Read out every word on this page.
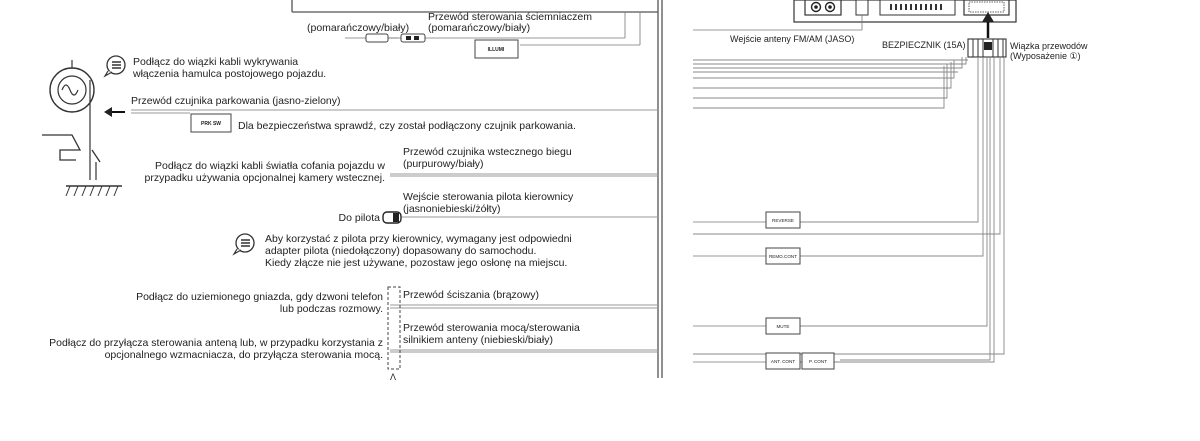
Przewód sterowania ściemniaczem
(pomarańczowy/biały)
(pomarańczowy/biały)
ILLUMI
Podłącz do wiązki kabli wykrywania
włączenia hamulca postojowego pojazdu.
Przewód czujnika parkowania (jasno-zielony)
PRK SW Dla bezpieczeństwa sprawdź, czy został podłączony czujnik parkowania.
Podłącz do wiązki kabli światła cofania pojazdu w
przypadku używania opcjonalnej kamery wstecznej.
Przewód czujnika wstecznego biegu
(purpurowy/biały)
Wejście sterowania pilota kierownicy
(jasnoniebieski/żółty)
Do pilota
Aby korzystać z pilota przy kierownicy, wymagany jest odpowiedni
adapter pilota (niedołączony) dopasowany do samochodu.
Kiedy złącze nie jest używane, pozostaw jego osłonę na miejscu.
Podłącz do uziemionego gniazda, gdy dzwoni telefon
lub podczas rozmowy.
Przewód ściszania (brązowy)
Podłącz do przyłącza sterowania anteną lub, w przypadku korzystania z
opcjonalnego wzmacniacza, do przyłącza sterowania mocą.
Przewód sterowania mocą/sterowania
silnikiem anteny (niebieski/biały)
Λ
Wejście anteny FM/AM (JASO)
BEZPIECZNIK (15A)	Wiązka przewodów
(Wyposażenie ①)
REVERSE
REMO.CONT
MUTE
ANT. CONT	P. CONT
